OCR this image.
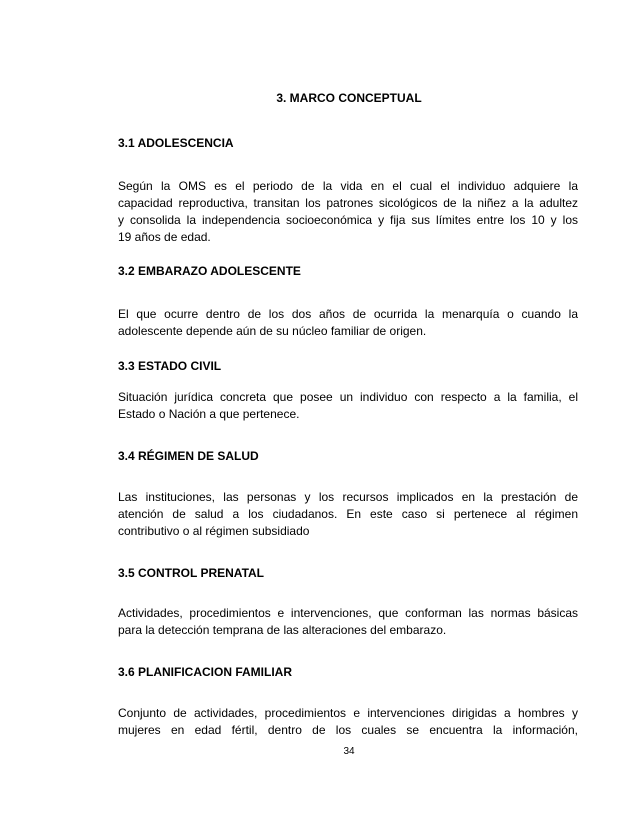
3. MARCO CONCEPTUAL
3.1 ADOLESCENCIA
Según la OMS es el periodo de la vida en el cual el individuo adquiere la
capacidad reproductiva, transitan los patrones sicológicos de la niñez a la adultez
y consolida la independencia socioeconómica y fija sus límites entre los 10 y los
19 años de edad.
3.2 EMBARAZO ADOLESCENTE
El que ocurre dentro de los dos años de ocurrida la menarquía o cuando la
adolescente depende aún de su núcleo familiar de origen.
3.3 ESTADO CIVIL
Situación jurídica concreta que posee un individuo con respecto a la familia, el
Estado o Nación a que pertenece.
3.4 RÉGIMEN DE SALUD
Las instituciones, las personas y los recursos implicados en la prestación de
atención de salud a los ciudadanos. En este caso si pertenece al régimen
contributivo o al régimen subsidiado
3.5 CONTROL PRENATAL
Actividades, procedimientos e intervenciones, que conforman las normas básicas
para la detección temprana de las alteraciones del embarazo.
3.6 PLANIFICACION FAMILIAR
Conjunto de actividades, procedimientos e intervenciones dirigidas a hombres y
mujeres en edad fértil, dentro de los cuales se encuentra la información,
34
